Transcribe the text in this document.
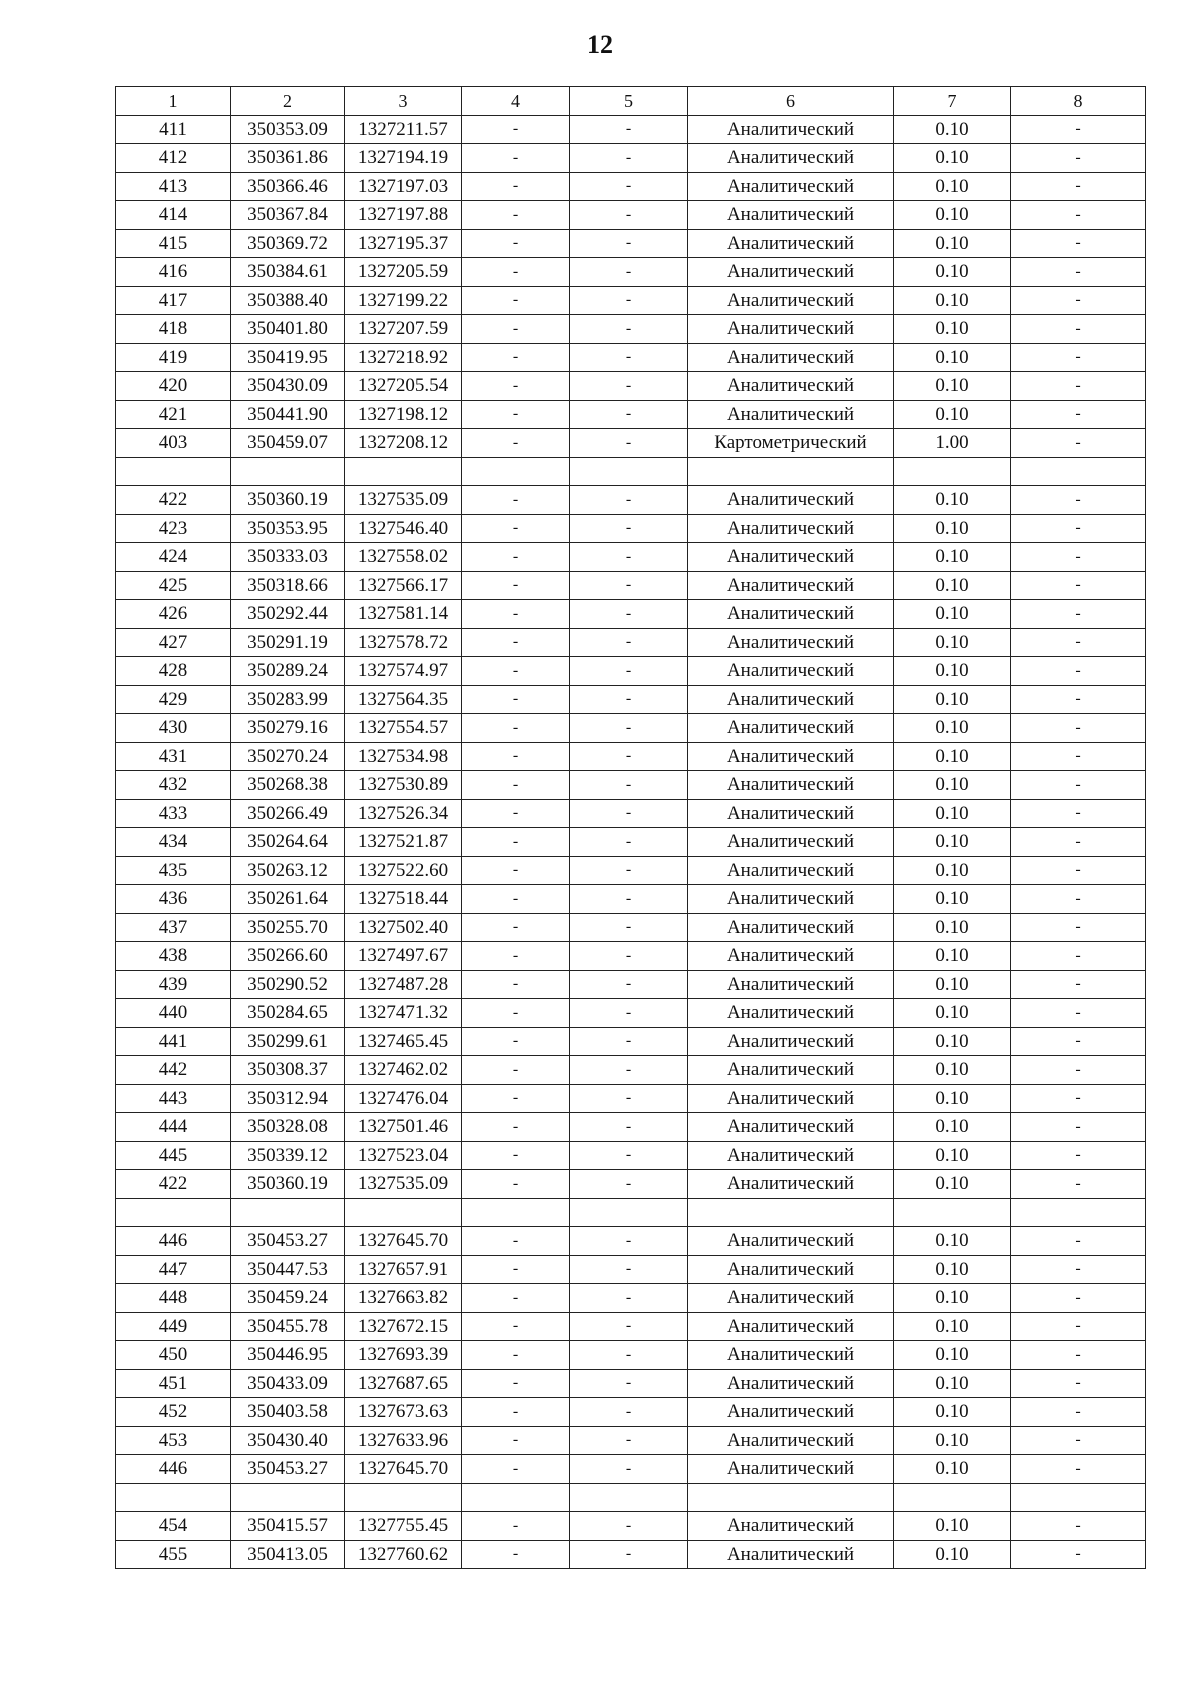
12
1	2	3	4	5	6	7	8
411	350353.09	1327211.57	-	-	Аналитический	0.10	-
412	350361.86	1327194.19	-	-	Аналитический	0.10	-
413	350366.46	1327197.03	-	-	Аналитический	0.10	-
414	350367.84	1327197.88	-	-	Аналитический	0.10	-
415	350369.72	1327195.37	-	-	Аналитический	0.10	-
416	350384.61	1327205.59	-	-	Аналитический	0.10	-
417	350388.40	1327199.22	-	-	Аналитический	0.10	-
418	350401.80	1327207.59	-	-	Аналитический	0.10	-
419	350419.95	1327218.92	-	-	Аналитический	0.10	-
420	350430.09	1327205.54	-	-	Аналитический	0.10	-
421	350441.90	1327198.12	-	-	Аналитический	0.10	-
403	350459.07	1327208.12	-	-	Картометрический	1.00	-

422	350360.19	1327535.09	-	-	Аналитический	0.10	-
423	350353.95	1327546.40	-	-	Аналитический	0.10	-
424	350333.03	1327558.02	-	-	Аналитический	0.10	-
425	350318.66	1327566.17	-	-	Аналитический	0.10	-
426	350292.44	1327581.14	-	-	Аналитический	0.10	-
427	350291.19	1327578.72	-	-	Аналитический	0.10	-
428	350289.24	1327574.97	-	-	Аналитический	0.10	-
429	350283.99	1327564.35	-	-	Аналитический	0.10	-
430	350279.16	1327554.57	-	-	Аналитический	0.10	-
431	350270.24	1327534.98	-	-	Аналитический	0.10	-
432	350268.38	1327530.89	-	-	Аналитический	0.10	-
433	350266.49	1327526.34	-	-	Аналитический	0.10	-
434	350264.64	1327521.87	-	-	Аналитический	0.10	-
435	350263.12	1327522.60	-	-	Аналитический	0.10	-
436	350261.64	1327518.44	-	-	Аналитический	0.10	-
437	350255.70	1327502.40	-	-	Аналитический	0.10	-
438	350266.60	1327497.67	-	-	Аналитический	0.10	-
439	350290.52	1327487.28	-	-	Аналитический	0.10	-
440	350284.65	1327471.32	-	-	Аналитический	0.10	-
441	350299.61	1327465.45	-	-	Аналитический	0.10	-
442	350308.37	1327462.02	-	-	Аналитический	0.10	-
443	350312.94	1327476.04	-	-	Аналитический	0.10	-
444	350328.08	1327501.46	-	-	Аналитический	0.10	-
445	350339.12	1327523.04	-	-	Аналитический	0.10	-
422	350360.19	1327535.09	-	-	Аналитический	0.10	-

446	350453.27	1327645.70	-	-	Аналитический	0.10	-
447	350447.53	1327657.91	-	-	Аналитический	0.10	-
448	350459.24	1327663.82	-	-	Аналитический	0.10	-
449	350455.78	1327672.15	-	-	Аналитический	0.10	-
450	350446.95	1327693.39	-	-	Аналитический	0.10	-
451	350433.09	1327687.65	-	-	Аналитический	0.10	-
452	350403.58	1327673.63	-	-	Аналитический	0.10	-
453	350430.40	1327633.96	-	-	Аналитический	0.10	-
446	350453.27	1327645.70	-	-	Аналитический	0.10	-

454	350415.57	1327755.45	-	-	Аналитический	0.10	-
455	350413.05	1327760.62	-	-	Аналитический	0.10	-
